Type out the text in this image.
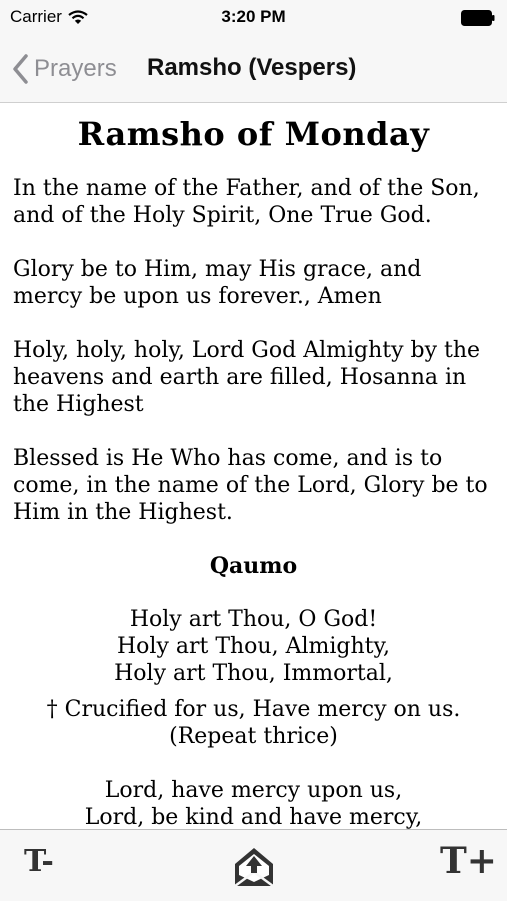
Carrier	3:20 PM
Prayers Ramsho (Vespers)
Ramsho of Monday

In the name of the Father, and of the Son, and of the Holy Spirit, One True God.

Glory be to Him, may His grace, and mercy be upon us forever., Amen

Holy, holy, holy, Lord God Almighty by the heavens and earth are filled, Hosanna in the Highest

Blessed is He Who has come, and is to come, in the name of the Lord, Glory be to Him in the Highest.

Qaumo

Holy art Thou, O God!

Holy art Thou, Almighty,

Holy art Thou, Immortal,

† Crucified for us, Have mercy on us.

(Repeat thrice)

Lord, have mercy upon us,

Lord, be kind and have mercy,

T-	T+
